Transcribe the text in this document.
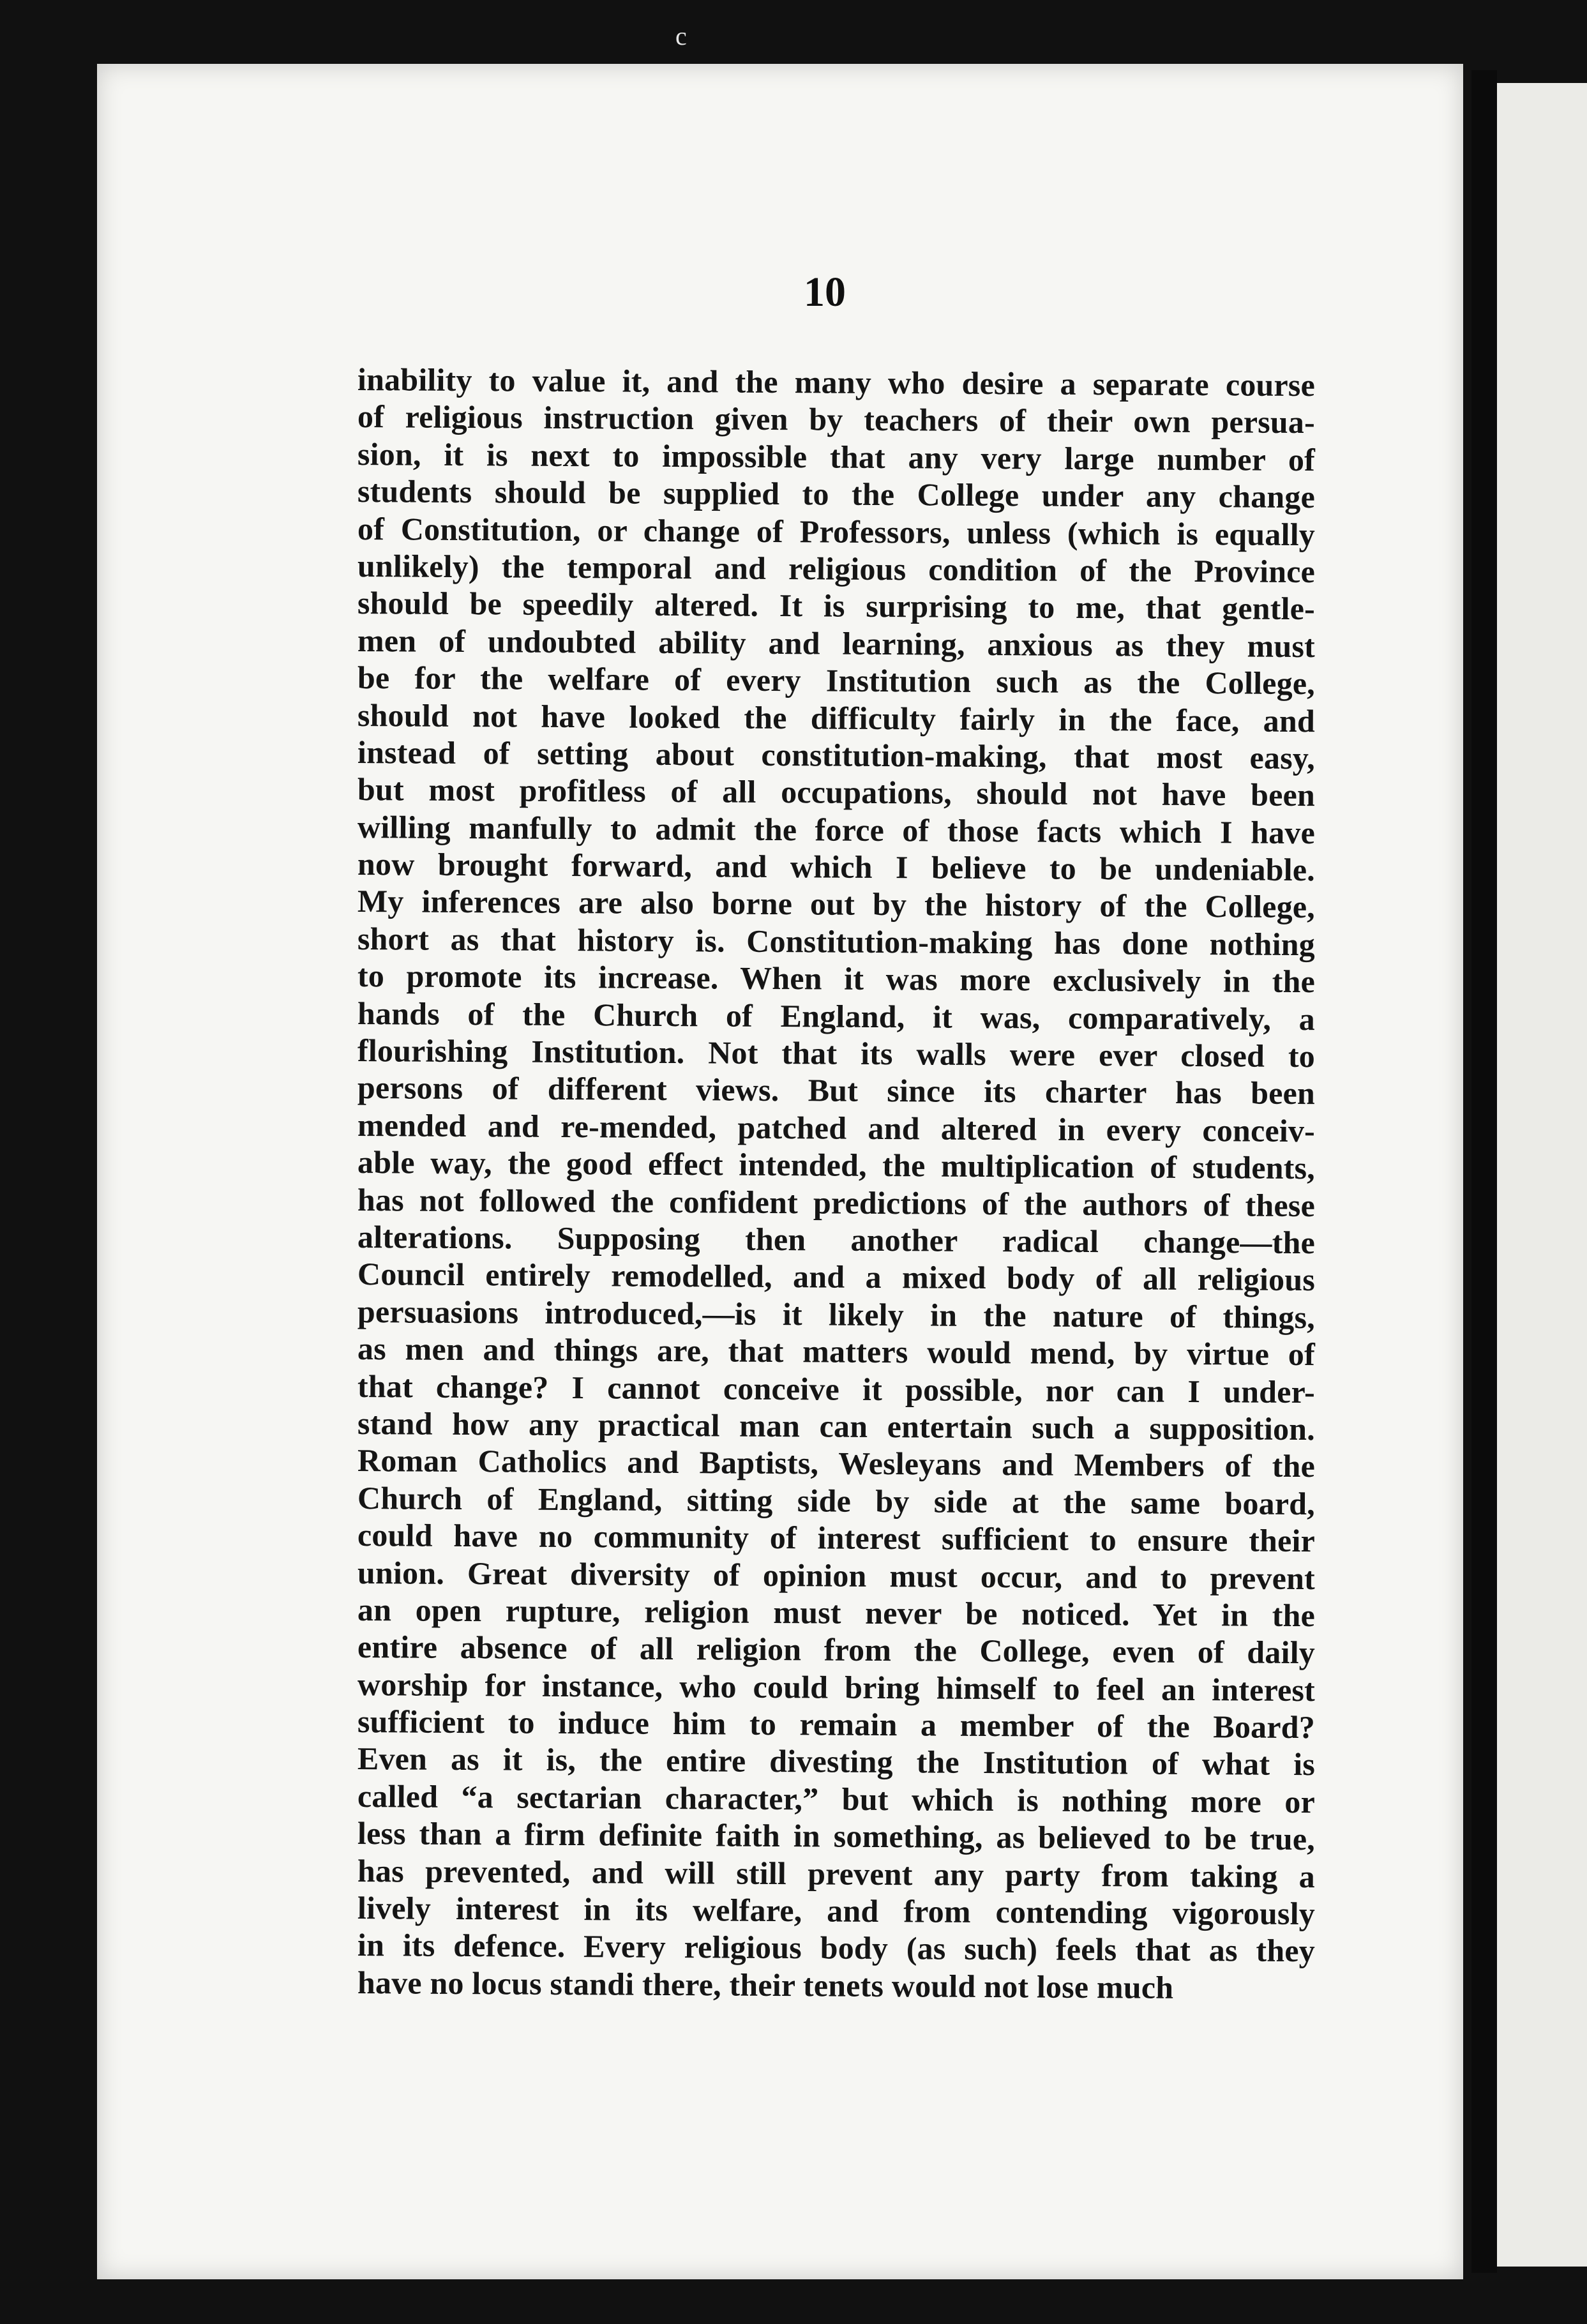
c
10
inability to value it, and the many who desire a separate course
of religious instruction given by teachers of their own persua-
sion, it is next to impossible that any very large number of
students should be supplied to the College under any change
of Constitution, or change of Professors, unless (which is equally
unlikely) the temporal and religious condition of the Province
should be speedily altered. It is surprising to me, that gentle-
men of undoubted ability and learning, anxious as they must
be for the welfare of every Institution such as the College,
should not have looked the difficulty fairly in the face, and
instead of setting about constitution-making, that most easy,
but most profitless of all occupations, should not have been
willing manfully to admit the force of those facts which I have
now brought forward, and which I believe to be undeniable.
My inferences are also borne out by the history of the College,
short as that history is. Constitution-making has done nothing
to promote its increase. When it was more exclusively in the
hands of the Church of England, it was, comparatively, a
flourishing Institution. Not that its walls were ever closed to
persons of different views. But since its charter has been
mended and re-mended, patched and altered in every conceiv-
able way, the good effect intended, the multiplication of students,
has not followed the confident predictions of the authors of these
alterations. Supposing then another radical change—the
Council entirely remodelled, and a mixed body of all religious
persuasions introduced,—is it likely in the nature of things,
as men and things are, that matters would mend, by virtue of
that change? I cannot conceive it possible, nor can I under-
stand how any practical man can entertain such a supposition.
Roman Catholics and Baptists, Wesleyans and Members of the
Church of England, sitting side by side at the same board,
could have no community of interest sufficient to ensure their
union. Great diversity of opinion must occur, and to prevent
an open rupture, religion must never be noticed. Yet in the
entire absence of all religion from the College, even of daily
worship for instance, who could bring himself to feel an interest
sufficient to induce him to remain a member of the Board?
Even as it is, the entire divesting the Institution of what is
called “a sectarian character,” but which is nothing more or
less than a firm definite faith in something, as believed to be true,
has prevented, and will still prevent any party from taking a
lively interest in its welfare, and from contending vigorously
in its defence. Every religious body (as such) feels that as they
have no locus standi there, their tenets would not lose much
